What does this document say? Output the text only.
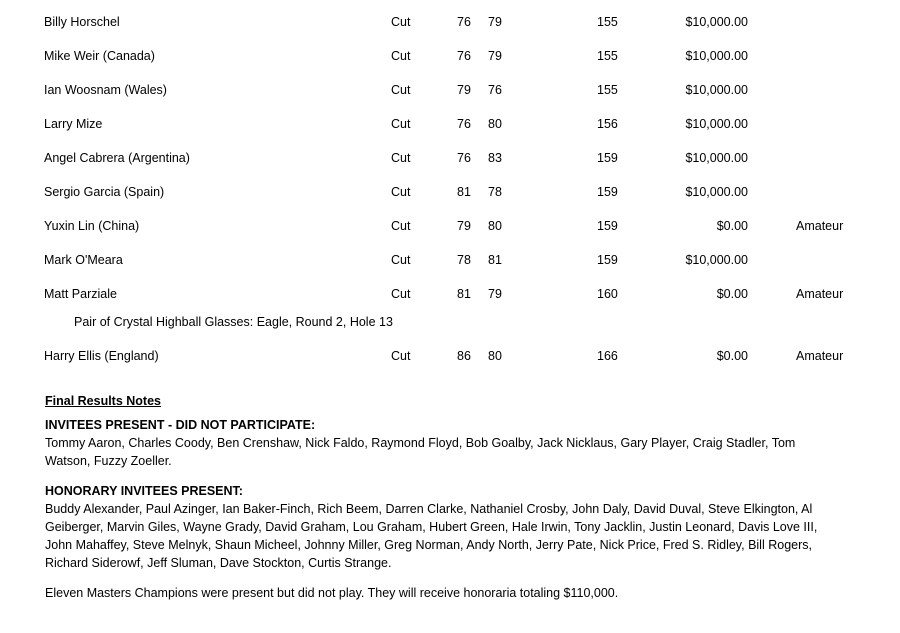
Billy Horschel	Cut	76 79	155	$10,000.00
Mike Weir (Canada)	Cut	76 79	155	$10,000.00
Ian Woosnam (Wales)	Cut	79 76	155	$10,000.00
Larry Mize	Cut	76 80	156	$10,000.00
Angel Cabrera (Argentina)	Cut	76 83	159	$10,000.00
Sergio Garcia (Spain)	Cut	81 78	159	$10,000.00
Yuxin Lin (China)	Cut	79 80	159	$0.00	Amateur
Mark O'Meara	Cut	78 81	159	$10,000.00
Matt Parziale	Cut	81 79	160	$0.00	Amateur
Pair of Crystal Highball Glasses: Eagle, Round 2, Hole 13
Harry Ellis (England)	Cut	86 80	166	$0.00	Amateur
Final Results Notes
INVITEES PRESENT - DID NOT PARTICIPATE:
Tommy Aaron, Charles Coody, Ben Crenshaw, Nick Faldo, Raymond Floyd, Bob Goalby, Jack Nicklaus, Gary Player, Craig Stadler, Tom Watson, Fuzzy Zoeller.
HONORARY INVITEES PRESENT:
Buddy Alexander, Paul Azinger, Ian Baker-Finch, Rich Beem, Darren Clarke, Nathaniel Crosby, John Daly, David Duval, Steve Elkington, Al Geiberger, Marvin Giles, Wayne Grady, David Graham, Lou Graham, Hubert Green, Hale Irwin, Tony Jacklin, Justin Leonard, Davis Love III, John Mahaffey, Steve Melnyk, Shaun Micheel, Johnny Miller, Greg Norman, Andy North, Jerry Pate, Nick Price, Fred S. Ridley, Bill Rogers, Richard Siderowf, Jeff Sluman, Dave Stockton, Curtis Strange.
Eleven Masters Champions were present but did not play. They will receive honoraria totaling $110,000.
